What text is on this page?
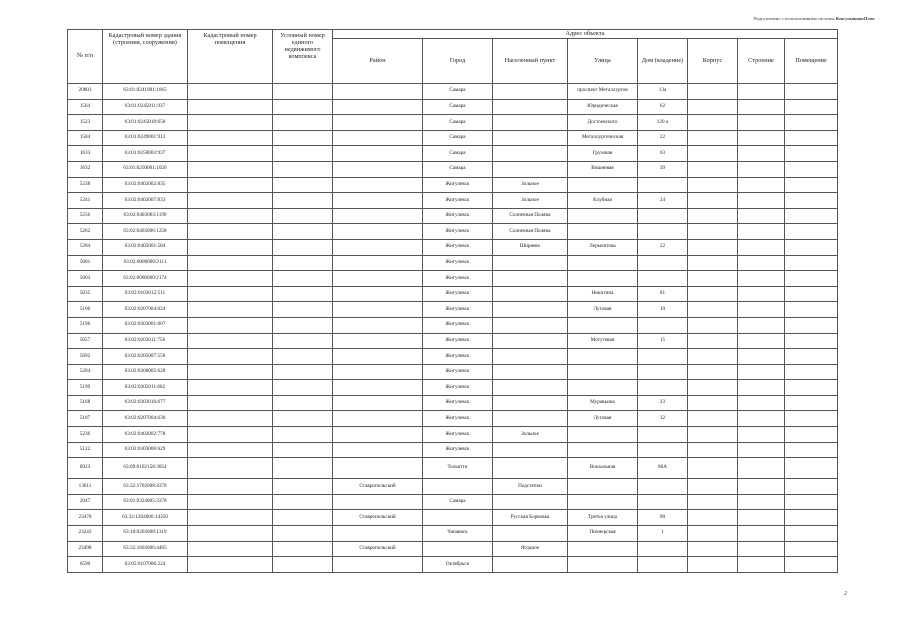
Подготовлено с использованием системы КонсультантПлюс
№ п/п	Кадастровый номер здания (строения, сооружения)	Кадастровый номер помещения	Условный номер единого недвижимого комплекса	Адрес объекта							
				Район	Город	Населенный пункт	Улица	Дом (владение)	Корпус	Строение	Помещение
20803	63:01:0241001:1665				Самара		проспект Металлургов	13а			
1564	63:01:0245011:937				Самара		Юридическая	62			
1523	63:01:0245010:658				Самара		Достоевского	120 а			
1584	63:01:0249001:912				Самара		Металлургическая	22			
1633	63:01:0250003:937				Самара		Грузовая	63			
1632	63:01:0250001:1020				Самара		Вишневая	39			
5238	63:02:0402002:835				Жигулевск	Зольное					
5241	63:02:0402007:833				Жигулевск	Зольное	Клубная	24			
5256	63:02:0403003:1199				Жигулевск	Солнечная Поляна					
5262	63:02:0403006:1258				Жигулевск	Солнечная Поляна					
5284	63:02:0405001:584				Жигулевск	Ширяево	Лермонтова	22			
5001	63:02:0000000:2111				Жигулевск						
5003	63:02:0000000:2174				Жигулевск						
5035	63:02:0103012:511				Жигулевск		Никитина	81			
5106	63:02:0207004:624				Жигулевск		Луговая	10			
5196	63:02:0303001:607				Жигулевск						
5057	63:02:0203011:756				Жигулевск		Мотуговая	15			
5092	63:02:0205007:558				Жигулевск						
5204	63:02:0306005:628				Жигулевск						
5199	63:02:0305011:682				Жигулевск						
5168	63:02:0303016:677				Жигулевск		Муравьина	23			
5107	63:02:0207004:630				Жигулевск		Луговая	32			
5236	63:02:0402002:778				Жигулевск	Зольное					
5122	63:02:0303006:629				Жигулевск						
8923	63:09:0102158:3054				Тольятти		Вокзальная	80А			
13611	63:32:1702008:4378			Ставропольский		Подстепки					
2047	63:01:0324005:3378				Самара						
23478	63:32:1204006:14350			Ставропольский		Русская Борковка	Третья улица	90			
23243	63:10:0203008:1319				Чапаевск		Пионерская	1			
23498	63:32:1603006:4465			Ставропольский		Ягодное					
6590	63:05:0107006:224				Октябрьск						
2
